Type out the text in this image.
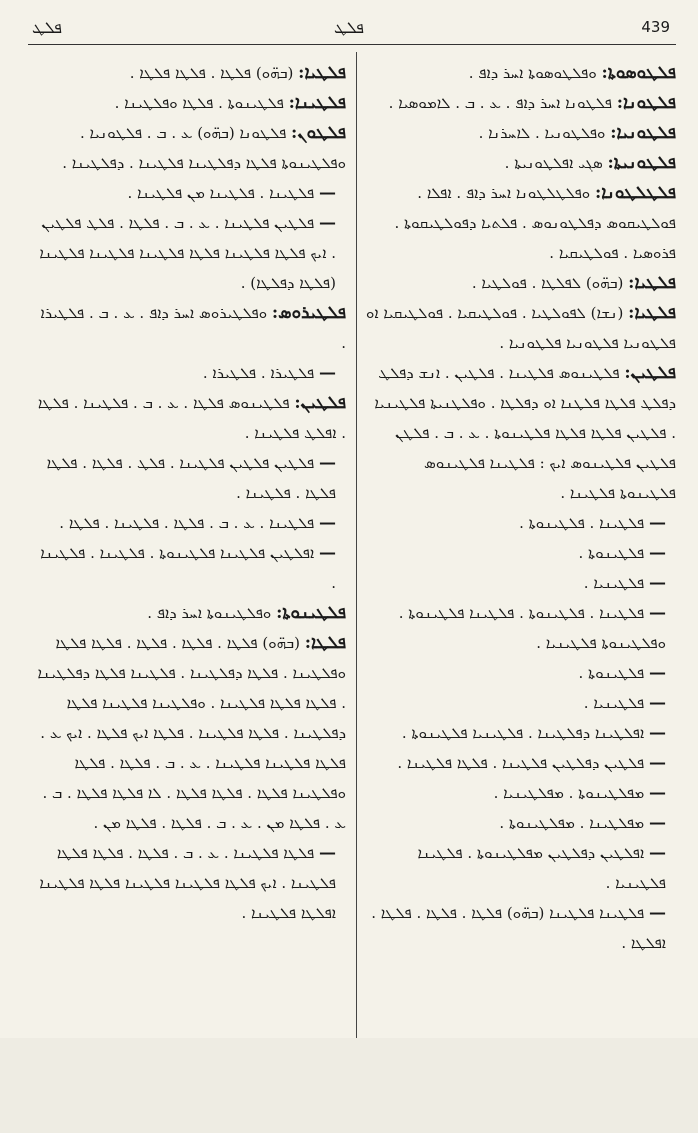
ܦܠܛ	ܦܠܛ	439

ܦܠܛܘܣܘܬܐ: ܘܦܠܛܘܣܘܬܐ ܐܚܪ ܕܐܦ .

ܦܠܛܘܢܐ: ܦܠܛܘܢܐ ܐܚܪ ܕܐܦ . ܥ . ܒ . ܠܐܡܘܣܝܐ .

ܦܠܛܘܢܝܐ: ܘܦܠܛܘܢܝܐ . ܠܐܚܪܢܐ .

ܦܠܛܘܢܝܬܐ: ܣܓܝ ܐܦܠܛܘܢܝܬܐ .

ܦܠܛܠܛܘܢܐ: ܘܦܠܛܠܛܘܢܐ ܐܚܪ ܕܐܦ . ܐܦܠܐ . ܦܘܠܛܝܩܘܣ ܕܦܠܛܘܢܘܣ . ܦܠܬܝܐ ܕܦܘܠܛܝܩܘܬܐ . ܦܪܘܣܝܐ . ܦܘܠܛܝܩܝܐ .

ܦܠܛܝܐ: (ܒܗ̈ܘ) ܠܦܠܛܐ . ܦܘܠܛܝܐ .

ܦܠܛܝܐ: (ܢܫܐ) ܠܦܘܠܛܝܐ . ܦܘܠܛܝܩܝܐ . ܦܘܠܛܝܩܝܐ ܐܘ ܦܠܛܘܢܝܐ ܦܠܛܘܢܝܐ ܦܠܛܘܢܝܐ .

ܦܠܛܝܢ: ܦܠܛܝܢܘܣ ܦܠܛܝܢܐ . ܦܠܛܝܢ . ܐܢܫ ܕܦܠܛ ܕܦܠܛ ܦܠܛܐ ܦܠܛܢܐ ܐܘ ܕܦܠܛܐ . ܘܦܠܛܢܝܬܐ ܦܠܛܝܢܝܐ . ܦܠܛܝܢ ܦܠܛܐ ܦܠܛܐ ܦܠܛܝܢܘܬܐ . ܥ . ܒ . ܦܠܛܢ ܦܠܛܝܢ ܦܠܛܝܢܘܣ ܐܝܟ : ܦܠܛܝܢܐ ܦܠܛܝܢܘܣ ܦܠܛܝܢܘܬܐ ܦܠܛܝܢܐ .

— ܦܠܛܝܢܐ . ܦܠܛܝܢܘܬܐ .

— ܦܠܛܝܢܘܬܐ .

— ܦܠܛܝܢܝܐ .

— ܦܠܛܝܢܐ . ܦܠܛܝܢܘܬܐ . ܦܠܛܝܢܐ ܦܠܛܝܢܘܬܐ . ܘܦܠܛܝܢܘܬܐ ܦܠܛܝܢܝܐ .

— ܦܠܛܝܢܘܬܐ .

— ܦܠܛܝܢܝܐ .

— ܐܦܠܛܝܢܐ ܕܦܠܛܝܢܐ . ܦܠܛܝܢܝܐ ܦܠܛܝܢܘܬܐ .

— ܦܠܛܝܢ ܕܦܠܛܝܢ ܦܠܛܝܢܐ . ܦܠܛܐ ܦܠܛܝܢܐ .

— ܡܦܠܛܝܢܘܬܐ . ܡܦܠܛܝܢܝܐ .

— ܡܦܠܛܝܢܐ . ܡܦܠܛܝܢܘܬܐ .

— ܐܦܠܛܝܢ ܕܦܠܛܝܢ ܡܦܠܛܝܢܘܬܐ . ܦܠܛܝܢܐ ܦܠܛܝܢܝܐ .

— ܦܠܛܝܢܐ ܦܠܛܝܢܐ (ܒܗ̈ܘ) ܦܠܛܐ . ܦܠܛܐ . ܦܠܛܐ . ܐܦܠܛܐ .

ܦܠܛܝܐ: (ܒܗ̈ܘ) ܦܠܛܐ . ܦܠܛܐ ܦܠܛܐ .

ܦܠܛܝܢܐ: ܦܠܛܝܢܘܬܐ . ܦܠܛܐ ܘܦܠܛܝܢܐ .

ܦܠܛܘܢ: ܦܠܛܘܢܐ (ܒܗ̈ܘ) ܥ . ܒ . ܦܠܛܘܢܝܐ . ܘܦܠܛܝܢܘܬܐ ܦܠܛܐ ܕܦܠܛܝܢܐ ܦܠܛܝܢܐ . ܕܦܠܛܝܢܐ .

— ܦܠܛܝܢܐ . ܦܠܛܝܢܐ ܡܢ ܦܠܛܝܢܐ .

— ܦܠܛܝܢ ܦܠܛܝܢܐ . ܥ . ܒ . ܦܠܛܐ . ܦܠܛ ܦܠܛܝܢ . ܐܝܟ ܦܠܛܐ ܦܠܛܝܢܐ ܦܠܛܐ ܦܠܛܝܢܐ ܦܠܛܝܢܐ ܦܠܛܝܢܐ (ܦܠܛܐ ܕܦܠܛܐ) .

ܦܠܛܝܪܘܣ: ܘܦܠܛܝܪܘܣ ܐܚܪ ܕܐܦ . ܥ . ܒ . ܦܠܛܝܪܐ .

— ܦܠܛܝܪܐ . ܦܠܛܝܪܐ .

ܦܠܛܝܢ: ܦܠܛܝܢܘܣ ܦܠܛܐ . ܥ . ܒ . ܦܠܛܝܢܐ . ܦܠܛܐ . ܐܦܠܛ ܦܠܛܝܢܐ .

— ܦܠܛܝܢ ܦܠܛܝܢ ܦܠܛܝܢܐ . ܦܠܛ . ܦܠܛܐ . ܦܠܛܐ ܦܠܛܐ . ܦܠܛܝܢܐ .

— ܦܠܛܝܢܐ . ܥ . ܒ . ܦܠܛܐ . ܦܠܛܝܢܐ . ܦܠܛܐ .

— ܐܦܠܛܝܢ ܦܠܛܝܢܐ ܦܠܛܝܢܘܬܐ . ܦܠܛܝܢܐ . ܦܠܛܝܢܐ .

ܦܠܛܝܢܘܬܐ: ܘܦܠܛܝܢܘܬܐ ܐܚܪ ܕܐܦ .

ܦܠܛܐ: (ܒܗ̈ܘ) ܦܠܛܐ . ܦܠܛܐ . ܦܠܛܐ . ܦܠܛܐ ܦܠܛܐ ܘܦܠܛܝܢܐ . ܦܠܛܐ ܕܦܠܛܝܢܐ . ܦܠܛܝܢܐ ܦܠܛܐ ܕܦܠܛܝܢܐ . ܦܠܛܐ ܦܠܛܐ ܦܠܛܝܢܐ . ܘܦܠܛܝܢܐ ܦܠܛܝܢܐ ܦܠܛܐ ܕܦܠܛܝܢܐ . ܦܠܛܐ ܦܠܛܝܢܐ . ܦܠܛܐ ܐܝܟ ܦܠܛܐ . ܐܝܟ ܥ . ܦܠܛܐ ܦܠܛܝܢܐ ܦܠܛܝܢܐ . ܥ . ܒ . ܦܠܛܐ . ܦܠܛܐ ܘܦܠܛܝܢܐ ܦܠܛܐ . ܦܠܛܐ ܦܠܛܐ . ܠܐ ܦܠܛܐ ܦܠܛܐ . ܒ . ܥ . ܦܠܛܐ ܡܢ . ܥ . ܒ . ܦܠܛܐ . ܦܠܛܐ ܡܢ .

— ܦܠܛܐ ܦܠܛܝܢܐ . ܥ . ܒ . ܦܠܛܐ . ܦܠܛܐ ܦܠܛܐ ܦܠܛܝܢܐ . ܐܝܟ ܦܠܛܐ ܦܠܛܝܢܐ ܦܠܛܝܢܐ ܦܠܛܐ ܦܠܛܝܢܐ ܐܦܠܛܐ ܦܠܛܝܢܐ .
